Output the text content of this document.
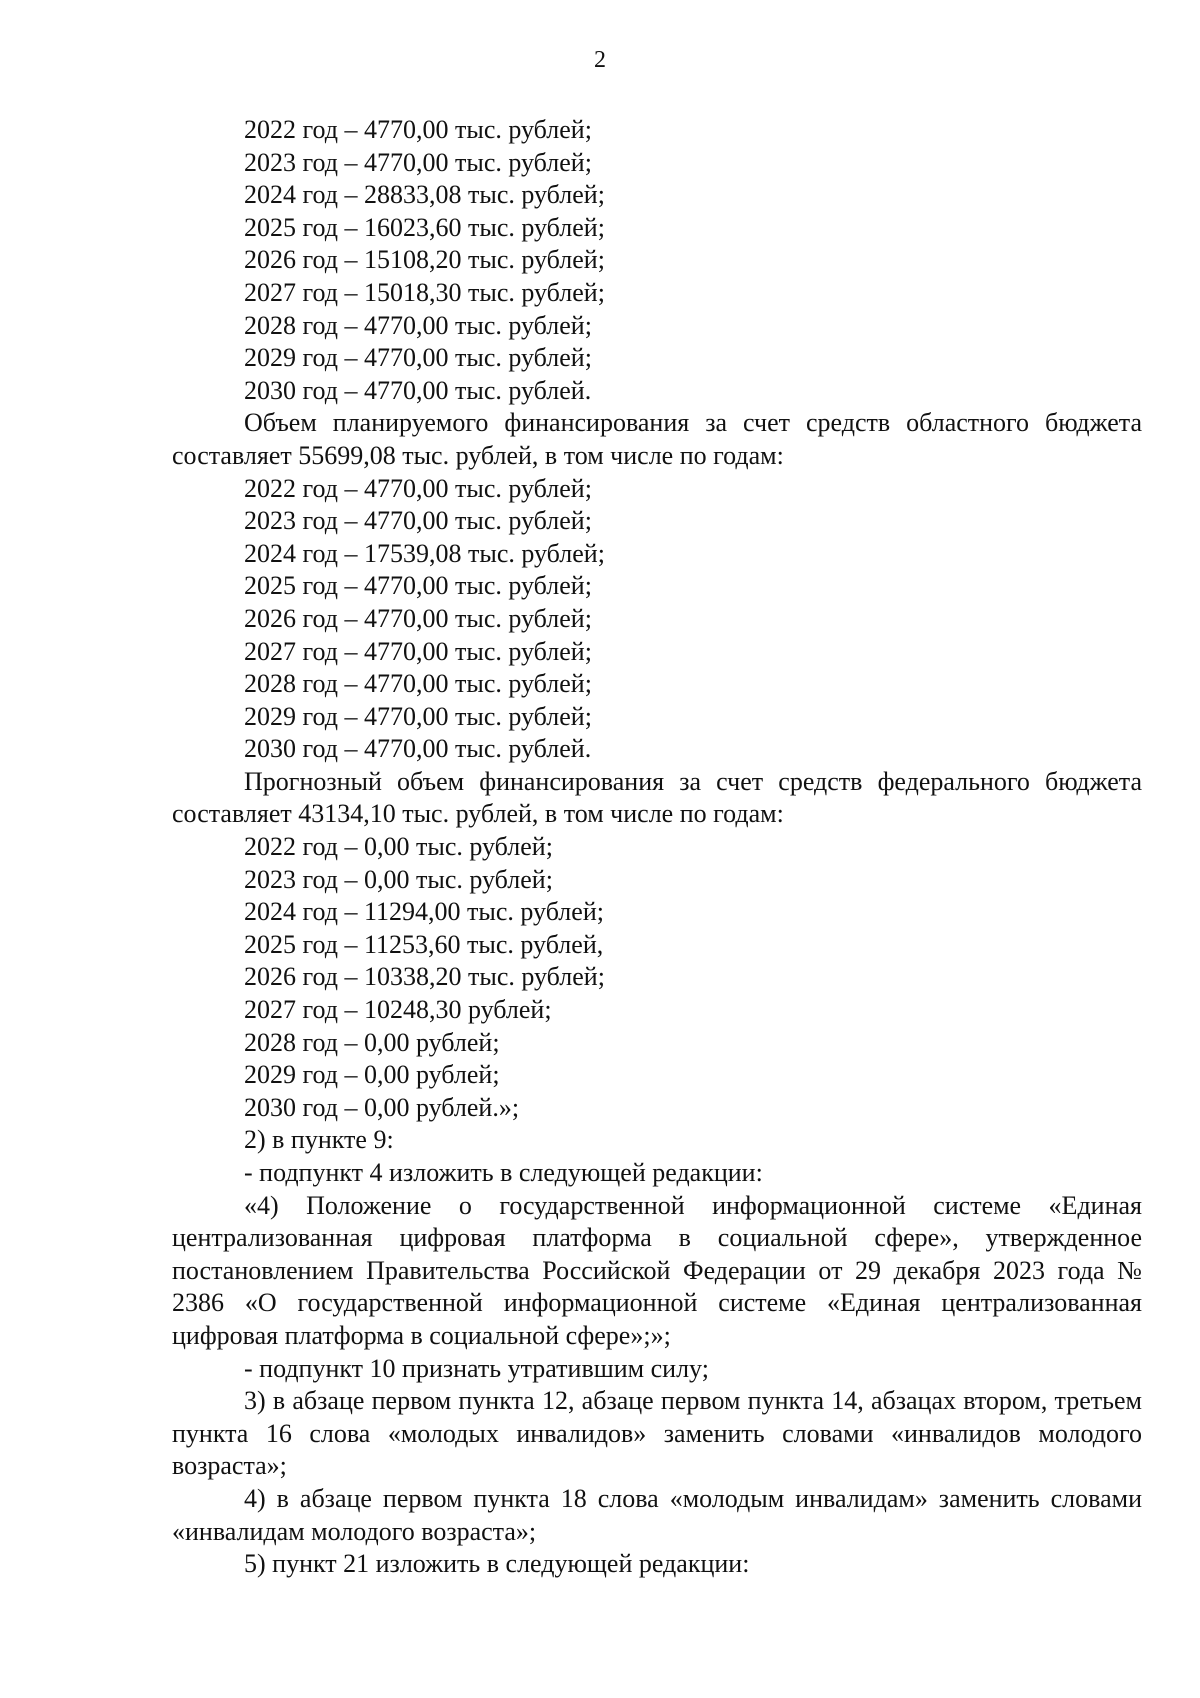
2
2022 год – 4770,00 тыс. рублей;
2023 год – 4770,00 тыс. рублей;
2024 год – 28833,08 тыс. рублей;
2025 год – 16023,60 тыс. рублей;
2026 год – 15108,20 тыс. рублей;
2027 год – 15018,30 тыс. рублей;
2028 год – 4770,00 тыс. рублей;
2029 год – 4770,00 тыс. рублей;
2030 год – 4770,00 тыс. рублей.
Объем планируемого финансирования за счет средств областного бюджета составляет 55699,08 тыс. рублей, в том числе по годам:
2022 год – 4770,00 тыс. рублей;
2023 год – 4770,00 тыс. рублей;
2024 год – 17539,08 тыс. рублей;
2025 год – 4770,00 тыс. рублей;
2026 год – 4770,00 тыс. рублей;
2027 год – 4770,00 тыс. рублей;
2028 год – 4770,00 тыс. рублей;
2029 год – 4770,00 тыс. рублей;
2030 год – 4770,00 тыс. рублей.
Прогнозный объем финансирования за счет средств федерального бюджета составляет 43134,10 тыс. рублей, в том числе по годам:
2022 год – 0,00 тыс. рублей;
2023 год – 0,00 тыс. рублей;
2024 год – 11294,00 тыс. рублей;
2025 год – 11253,60 тыс. рублей,
2026 год – 10338,20 тыс. рублей;
2027 год – 10248,30 рублей;
2028 год – 0,00 рублей;
2029 год – 0,00 рублей;
2030 год – 0,00 рублей.»;
2) в пункте 9:
- подпункт 4 изложить в следующей редакции:
«4) Положение о государственной информационной системе «Единая централизованная цифровая платформа в социальной сфере», утвержденное постановлением Правительства Российской Федерации от 29 декабря 2023 года № 2386 «О государственной информационной системе «Единая централизованная цифровая платформа в социальной сфере»;»;
- подпункт 10 признать утратившим силу;
3) в абзаце первом пункта 12, абзаце первом пункта 14, абзацах втором, третьем пункта 16 слова «молодых инвалидов» заменить словами «инвалидов молодого возраста»;
4) в абзаце первом пункта 18 слова «молодым инвалидам» заменить словами «инвалидам молодого возраста»;
5) пункт 21 изложить в следующей редакции:
